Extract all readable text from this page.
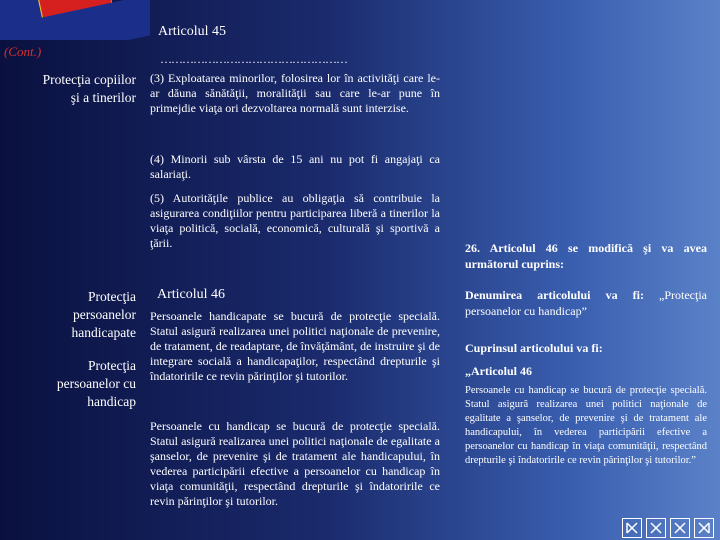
Articolul 45
(Cont.)	……………………………………………
Protecţia copiilor
şi a tinerilor
(3) Exploatarea minorilor, folosirea lor în activităţi care le-ar dăuna sănătăţii, moralităţii sau care le-ar pune în primejdie viaţa ori dezvoltarea normală sunt interzise.
(4) Minorii sub vârsta de 15 ani nu pot fi angajaţi ca salariaţi.
(5) Autorităţile publice au obligaţia să contribuie la asigurarea condiţiilor pentru participarea liberă a tinerilor la viaţa politică, socială, economică, culturală şi sportivă a ţării.
Protecţia
persoanelor
handicapate
Articolul 46
Persoanele handicapate se bucură de protecţie specială. Statul asigură realizarea unei politici naţionale de prevenire, de tratament, de readaptare, de învăţământ, de instruire şi de integrare socială a handicapaţilor, respectând drepturile şi îndatoririle ce revin părinţilor şi tutorilor.
Protecţia
persoanelor cu
handicap
Persoanele cu handicap se bucură de protecţie specială. Statul asigură realizarea unei politici naţionale de egalitate a şanselor, de prevenire şi de tratament ale handicapului, în vederea participării efective a persoanelor cu handicap în viaţa comunităţii, respectând drepturile şi îndatoririle ce revin părinţilor şi tutorilor.
26. Articolul 46 se modifică şi va avea următorul cuprins:
Denumirea articolului va fi: „Protecţia persoanelor cu handicap”
Cuprinsul articolului va fi:
„Articolul 46
Persoanele cu handicap se bucură de protecţie specială. Statul asigură realizarea unei politici naţionale de egalitate a şanselor, de prevenire şi de tratament ale handicapului, în vederea participării efective a persoanelor cu handicap în viaţa comunităţii, respectând drepturile şi îndatoririle ce revin părinţilor şi tutorilor.”
